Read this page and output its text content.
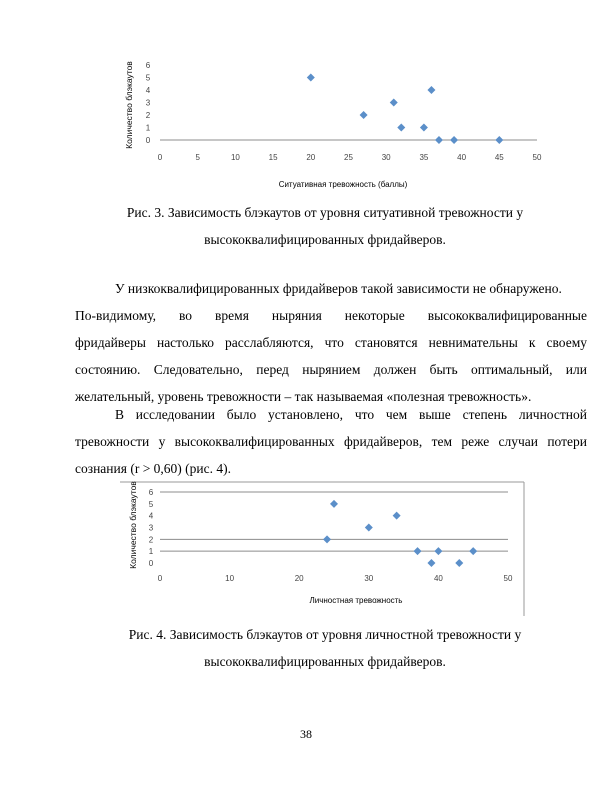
0
1
2
3
4
5
6
0	5	10	15	20	25	30	35	40	45	50
Ситуативная тревожность (баллы)
Количество блэкаутов
Рис. 3. Зависимость блэкаутов от уровня ситуативной тревожности у
высококвалифицированных фридайверов.
У низкоквалифицированных фридайверов такой зависимости не обнаружено.
По-видимому, во время ныряния некоторые высококвалифицированные
фридайверы настолько расслабляются, что становятся невнимательны к своему
состоянию. Следовательно, перед нырянием должен быть оптимальный, или
желательный, уровень тревожности – так называемая «полезная тревожность».
В исследовании было установлено, что чем выше степень личностной
тревожности у высококвалифицированных фридайверов, тем реже случаи потери
сознания (r > 0,60) (рис. 4).
0
1
2
3
4
5
6
0	10	20	30	40	50
Личностная тревожность
Количество блэкаутов
Рис. 4. Зависимость блэкаутов от уровня личностной тревожности у
высококвалифицированных фридайверов.
38
